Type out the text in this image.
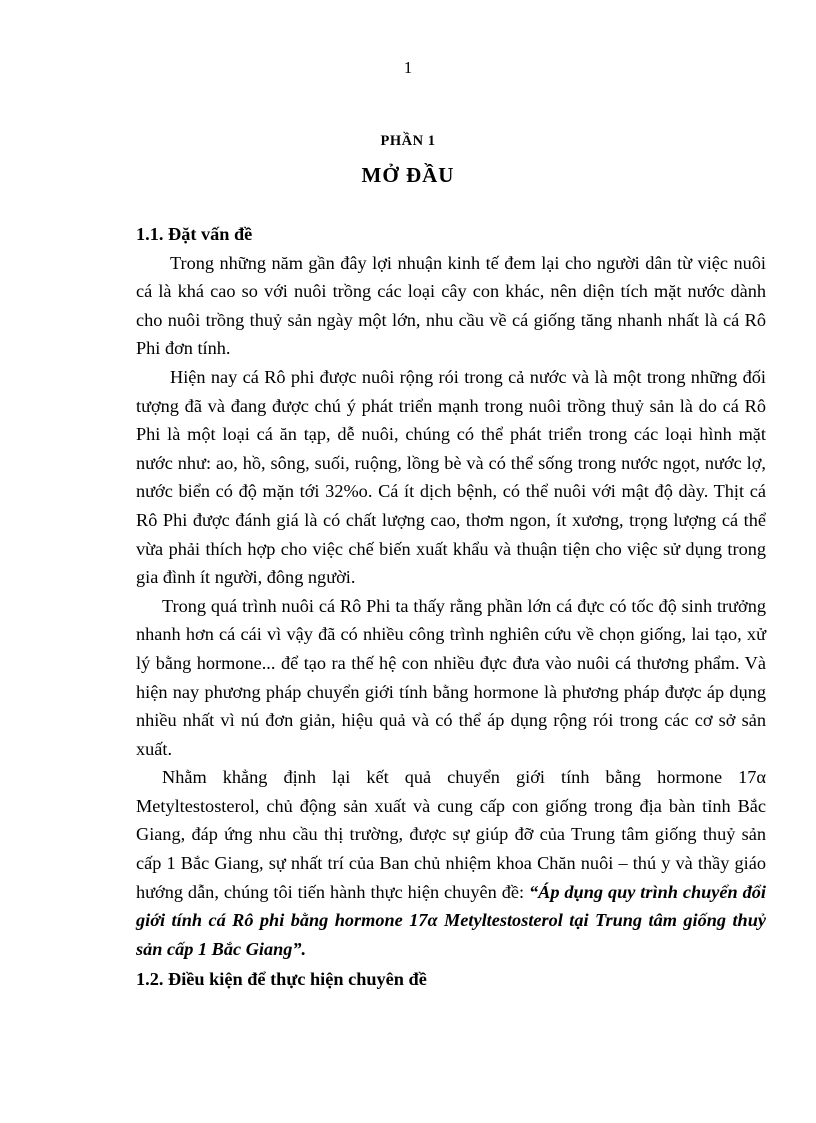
1
PHẦN 1
MỞ ĐẦU

1.1. Đặt vấn đề

Trong những năm gần đây lợi nhuận kinh tế đem lại cho người dân từ việc nuôi cá là khá cao so với nuôi trồng các loại cây con khác, nên diện tích mặt nước dành cho nuôi trồng thuỷ sản ngày một lớn, nhu cầu về cá giống tăng nhanh nhất là cá Rô Phi đơn tính.

Hiện nay cá Rô phi được nuôi rộng rói trong cả nước và là một trong những đối tượng đã và đang được chú ý phát triển mạnh trong nuôi trồng thuỷ sản là do cá Rô Phi là một loại cá ăn tạp, dễ nuôi, chúng có thể phát triển trong các loại hình mặt nước như: ao, hồ, sông, suối, ruộng, lồng bè và có thể sống trong nước ngọt, nước lợ, nước biển có độ mặn tới 32%o. Cá ít dịch bệnh, có thể nuôi với mật độ dày. Thịt cá Rô Phi được đánh giá là có chất lượng cao, thơm ngon, ít xương, trọng lượng cá thể vừa phải thích hợp cho việc chế biến xuất khẩu và thuận tiện cho việc sử dụng trong gia đình ít người, đông người.

Trong quá trình nuôi cá Rô Phi ta thấy rằng phần lớn cá đực có tốc độ sinh trưởng nhanh hơn cá cái vì vậy đã có nhiều công trình nghiên cứu về chọn giống, lai tạo, xử lý bằng hormone... để tạo ra thế hệ con nhiều đực đưa vào nuôi cá thương phẩm. Và hiện nay phương pháp chuyển giới tính bằng hormone là phương pháp được áp dụng nhiều nhất vì nú đơn giản, hiệu quả và có thể áp dụng rộng rói trong các cơ sở sản xuất.

Nhằm khẳng định lại kết quả chuyển giới tính bằng hormone 17α Metyltestosterol, chủ động sản xuất và cung cấp con giống trong địa bàn tỉnh Bắc Giang, đáp ứng nhu cầu thị trường, được sự giúp đỡ của Trung tâm giống thuỷ sản cấp 1 Bắc Giang, sự nhất trí của Ban chủ nhiệm khoa Chăn nuôi – thú y và thầy giáo hướng dẫn, chúng tôi tiến hành thực hiện chuyên đề: “Áp dụng quy trình chuyển đổi giới tính cá Rô phi bằng hormone 17α Metyltestosterol tại Trung tâm giống thuỷ sản cấp 1 Bắc Giang”.

1.2. Điều kiện để thực hiện chuyên đề
